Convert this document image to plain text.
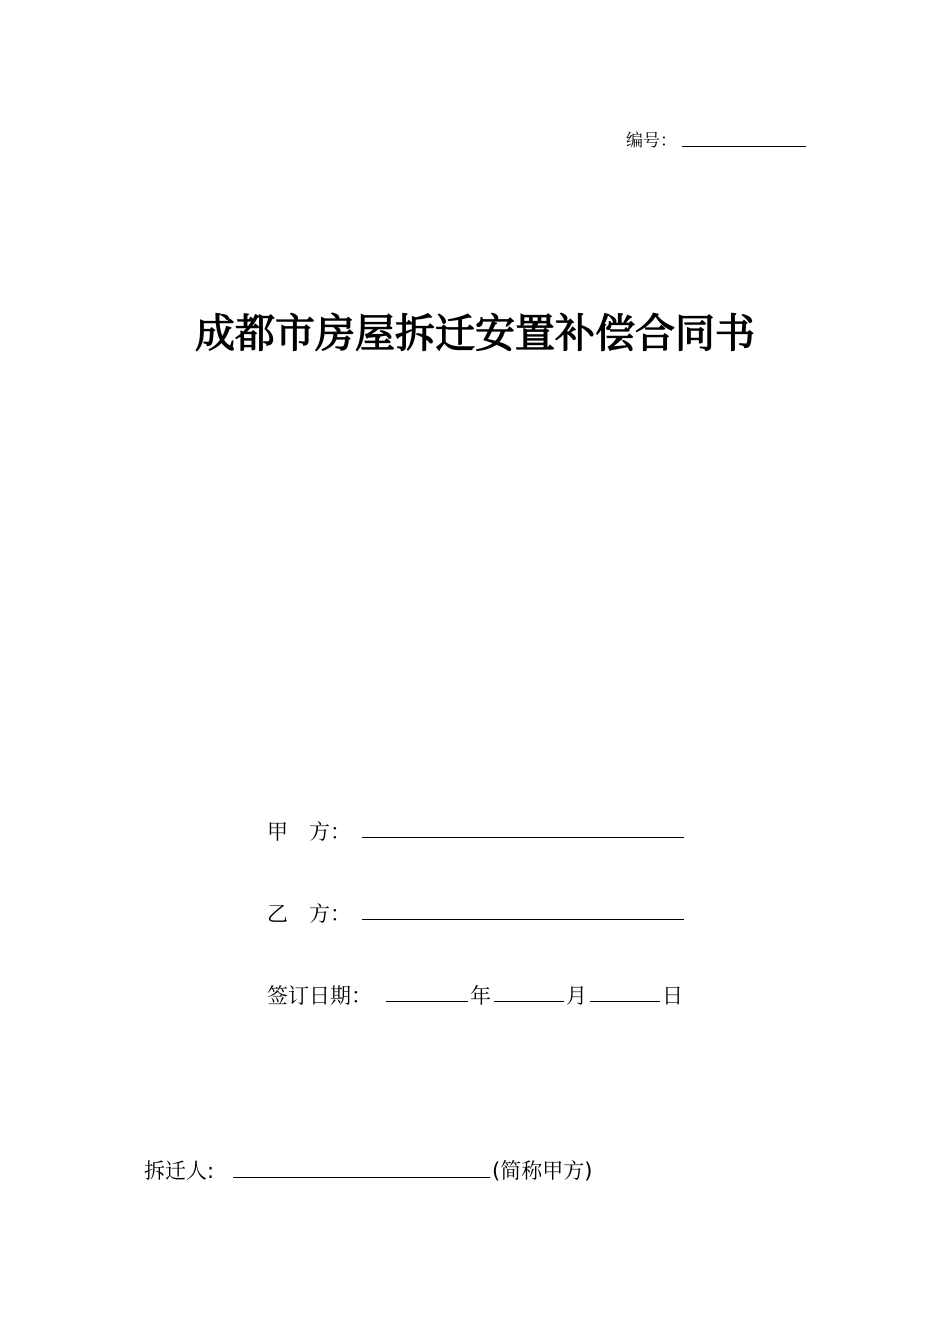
编号：
成都市房屋拆迁安置补偿合同书
甲　方：
乙　方：
签订日期：	年	月	日
拆迁人:	(简称甲方)
